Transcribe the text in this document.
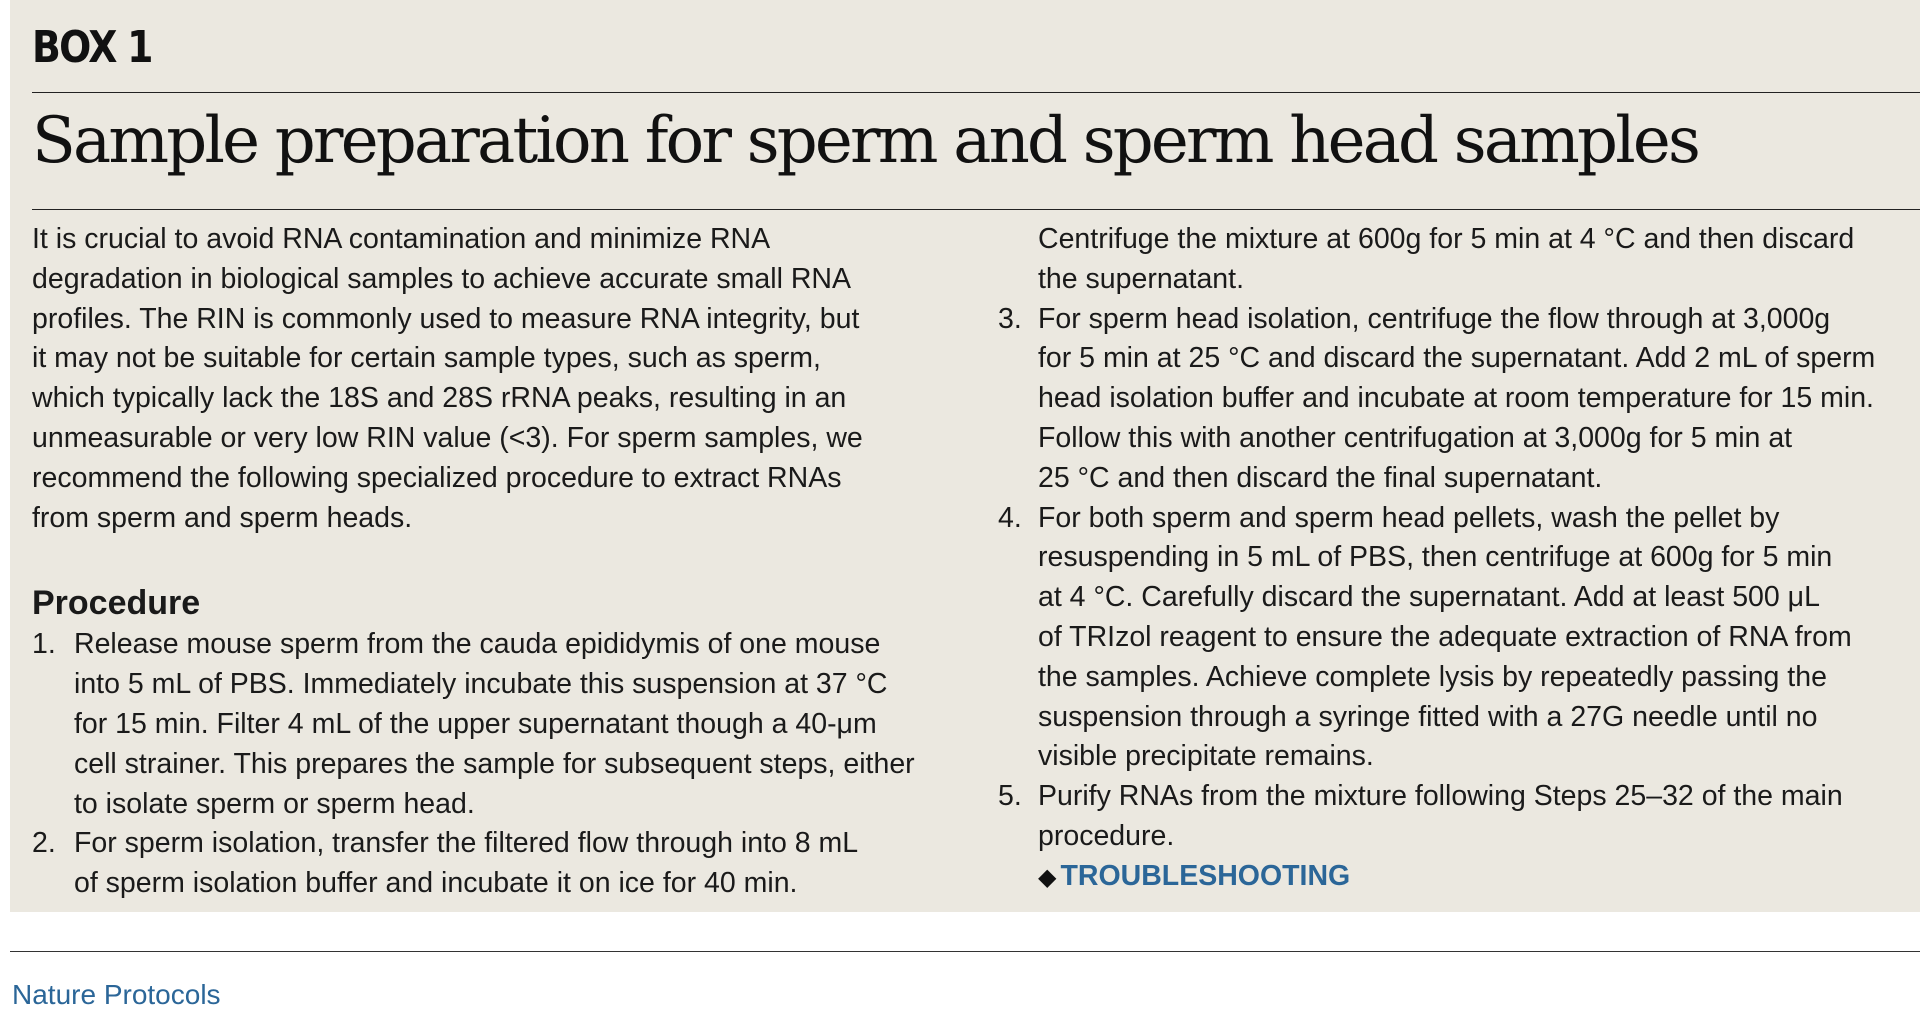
BOX 1
Sample preparation for sperm and sperm head samples

It is crucial to avoid RNA contamination and minimize RNA
degradation in biological samples to achieve accurate small RNA
profiles. The RIN is commonly used to measure RNA integrity, but
it may not be suitable for certain sample types, such as sperm,
which typically lack the 18S and 28S rRNA peaks, resulting in an
unmeasurable or very low RIN value (<3). For sperm samples, we
recommend the following specialized procedure to extract RNAs
from sperm and sperm heads.

Procedure
1. Release mouse sperm from the cauda epididymis of one mouse
into 5 mL of PBS. Immediately incubate this suspension at 37 °C
for 15 min. Filter 4 mL of the upper supernatant though a 40-μm
cell strainer. This prepares the sample for subsequent steps, either
to isolate sperm or sperm head.
2. For sperm isolation, transfer the filtered flow through into 8 mL
of sperm isolation buffer and incubate it on ice for 40 min.
Centrifuge the mixture at 600g for 5 min at 4 °C and then discard
the supernatant.
3. For sperm head isolation, centrifuge the flow through at 3,000g
for 5 min at 25 °C and discard the supernatant. Add 2 mL of sperm
head isolation buffer and incubate at room temperature for 15 min.
Follow this with another centrifugation at 3,000g for 5 min at
25 °C and then discard the final supernatant.
4. For both sperm and sperm head pellets, wash the pellet by
resuspending in 5 mL of PBS, then centrifuge at 600g for 5 min
at 4 °C. Carefully discard the supernatant. Add at least 500 μL
of TRIzol reagent to ensure the adequate extraction of RNA from
the samples. Achieve complete lysis by repeatedly passing the
suspension through a syringe fitted with a 27G needle until no
visible precipitate remains.
5. Purify RNAs from the mixture following Steps 25–32 of the main
procedure.
◆ TROUBLESHOOTING
Nature Protocols
